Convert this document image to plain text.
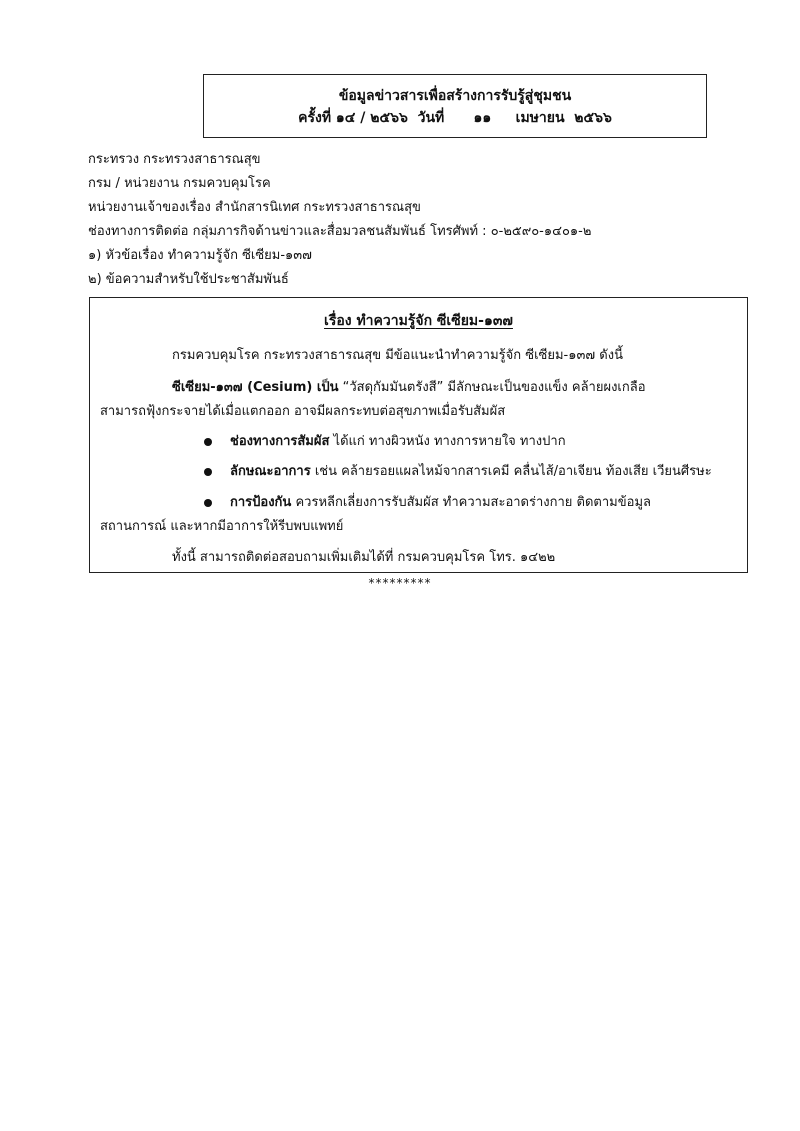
ข้อมูลข่าวสารเพื่อสร้างการรับรู้สู่ชุมชน
ครั้งที่ ๑๔ / ๒๕๖๖  วันที่      ๑๑     เมษายน  ๒๕๖๖
กระทรวง กระทรวงสาธารณสุข
กรม / หน่วยงาน กรมควบคุมโรค
หน่วยงานเจ้าของเรื่อง สำนักสารนิเทศ กระทรวงสาธารณสุข
ช่องทางการติดต่อ กลุ่มภารกิจด้านข่าวและสื่อมวลชนสัมพันธ์ โทรศัพท์ : ๐-๒๕๙๐-๑๔๐๑-๒
๑) หัวข้อเรื่อง ทำความรู้จัก ซีเซียม-๑๓๗
๒) ข้อความสำหรับใช้ประชาสัมพันธ์
เรื่อง ทำความรู้จัก ซีเซียม-๑๓๗
กรมควบคุมโรค กระทรวงสาธารณสุข มีข้อแนะนำทำความรู้จัก ซีเซียม-๑๓๗ ดังนี้
ซีเซียม-๑๓๗ (Cesium) เป็น “วัสดุกัมมันตรังสี” มีลักษณะเป็นของแข็ง คล้ายผงเกลือ
สามารถฟุ้งกระจายได้เมื่อแตกออก อาจมีผลกระทบต่อสุขภาพเมื่อรับสัมผัส
ช่องทางการสัมผัส ได้แก่ ทางผิวหนัง ทางการหายใจ ทางปาก
ลักษณะอาการ เช่น คล้ายรอยแผลไหม้จากสารเคมี คลื่นไส้/อาเจียน ท้องเสีย เวียนศีรษะ
การป้องกัน ควรหลีกเลี่ยงการรับสัมผัส ทำความสะอาดร่างกาย ติดตามข้อมูล
สถานการณ์ และหากมีอาการให้รีบพบแพทย์
ทั้งนี้ สามารถติดต่อสอบถามเพิ่มเติมได้ที่ กรมควบคุมโรค โทร. ๑๔๒๒
*********
